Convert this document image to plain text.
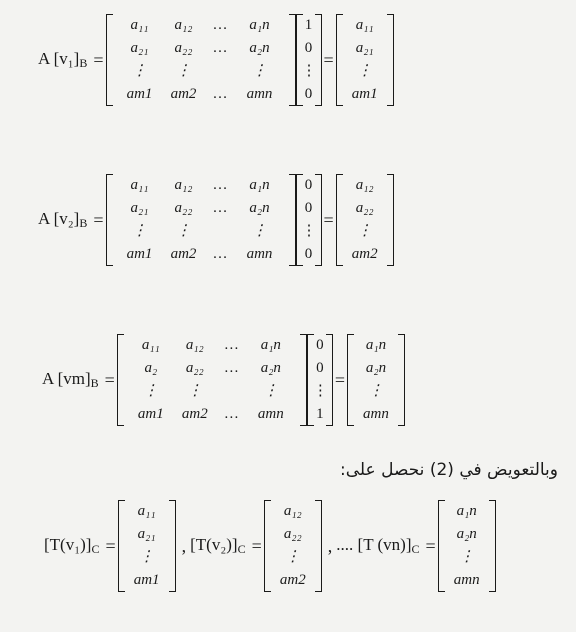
A $[v_1]_B$ =
a₁₁	a₁₂	…	a₁n
a₂₁	a₂₂	…	a₂n
⋮	⋮	⋮
am1	am2	…	amn
1
0
⋮
0
=
a₁₁
a₂₁
⋮
am1
A $[v_2]_B$ =
a₁₁	a₁₂	…	a₁n
a₂₁	a₂₂	…	a₂n
⋮	⋮	⋮
am1	am2	…	amn
0
0
⋮
0
=
a₁₂
a₂₂
⋮
am2
A $[vm]_B$ =
a₁₁	a₁₂	…	a₁n
a₂	a₂₂	…	a₂n
⋮	⋮	⋮
am1	am2	…	amn
0
0
⋮
1
=
a₁n
a₂n
⋮
amn
وبالتعويض في (2) نحصل على:
$[T(v_1)]_C$ =
a₁₁
a₂₁
⋮
am1
, $[T(v_2)]_C$ =
a₁₂
a₂₂
⋮
am2
, .... [T $(vn)]_C$ =
a₁n
a₂n
⋮
amn
